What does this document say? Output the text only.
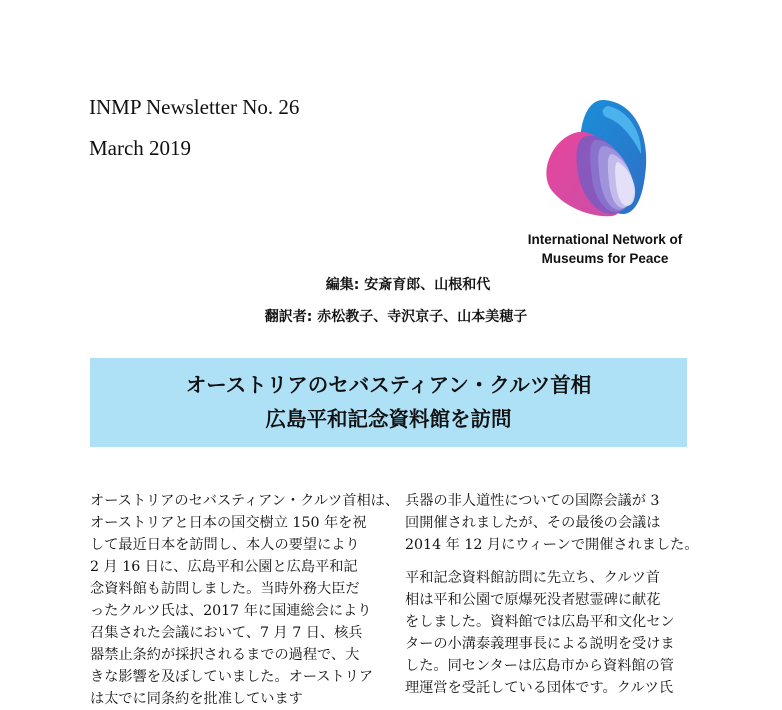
INMP Newsletter No. 26
March 2019
International Network of
Museums for Peace
編集: 安斎育郎、山根和代
翻訳者: 赤松教子、寺沢京子、山本美穂子
オーストリアのセバスティアン・クルツ首相
広島平和記念資料館を訪問
オーストリアのセバスティアン・クルツ首相は、
オーストリアと日本の国交樹立 150 年を祝
して最近日本を訪問し、本人の要望により
2 月 16 日に、広島平和公園と広島平和記
念資料館も訪問しました。当時外務大臣だ
ったクルツ氏は、2017 年に国連総会により
召集された会議において、7 月 7 日、核兵
器禁止条約が採択されるまでの過程で、大
きな影響を及ぼしていました。オーストリア
は太でに同条約を批准しています
兵器の非人道性についての国際会議が 3
回開催されましたが、その最後の会議は
2014 年 12 月にウィーンで開催されました。
平和記念資料館訪問に先立ち、クルツ首
相は平和公園で原爆死没者慰霊碑に献花
をしました。資料館では広島平和文化セン
ターの小溝泰義理事長による説明を受けま
した。同センターは広島市から資料館の管
理運営を受託している団体です。クルツ氏
